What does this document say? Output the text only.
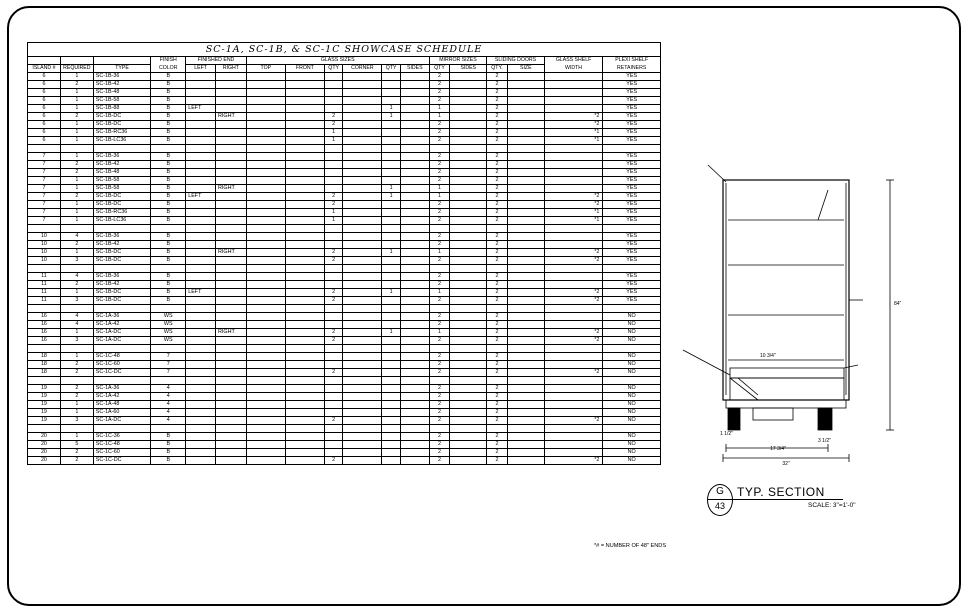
SC-1A, SC-1B, & SC-1C SHOWCASE SCHEDULE
			FINISH	FINISHED END		GLASS SIZES						MIRROR SIZES		SLIDING DOORS		GLASS SHELF	PLEXI SHELF
ISLAND #	REQUIRED	TYPE	COLOR	LEFT	RIGHT	TOP	FRONT	QTY	CORNER	QTY	SIDES	QTY	SIDES	QTY.	SIZE	WIDTH	RETAINERS
6	1	SC-1B-36	B									2		2			YES
6	2	SC-1B-42	B									2		2			YES
6	1	SC-1B-48	B									2		2			YES
6	1	SC-1B-58	B									2		2			YES
6	1	SC-1B-88	B	LEFT						1		1		2			YES
6	2	SC-1B-DC	B		RIGHT			2		1		1		2		*2	YES
6	1	SC-1B-DC	B					2				2		2		*2	YES
6	1	SC-1B-RC36	B					1				2		2		*1	YES
6	1	SC-1B-LC36	B					1				2		2		*1	YES

7	1	SC-1B-36	B									2		2			YES
7	2	SC-1B-42	B									2		2			YES
7	2	SC-1B-48	B									2		2			YES
7	1	SC-1B-58	B									2		2			YES
7	1	SC-1B-58	B		RIGHT					1		1		2			YES
7	2	SC-1B-DC	B	LEFT				2		1		1		2		*2	YES
7	1	SC-1B-DC	B					2				2		2		*2	YES
7	1	SC-1B-RC36	B					1				2		2		*1	YES
7	1	SC-1B-LC36	B					1				2		2		*1	YES

10	4	SC-1B-36	B									2		2			YES
10	2	SC-1B-42	B									2		2			YES
10	1	SC-1B-DC	B		RIGHT			2		1		1		2		*2	YES
10	3	SC-1B-DC	B					2				2		2		*2	YES

11	4	SC-1B-36	B									2		2			YES
11	2	SC-1B-42	B									2		2			YES
11	1	SC-1B-DC	B	LEFT				2		1		1		2		*2	YES
11	3	SC-1B-DC	B					2				2		2		*2	YES

16	4	SC-1A-36	WS									2		2			NO
16	4	SC-1A-42	WS									2		2			NO
16	1	SC-1A-DC	WS		RIGHT			2		1		1		2		*2	NO
16	3	SC-1A-DC	WS					2				2		2		*2	NO

18	1	SC-1C-48	7									2		2			NO
18	2	SC-1C-60	7									2		2			NO
18	2	SC-1C-DC	7					2				2		2		*2	NO

19	2	SC-1A-36	4									2		2			NO
19	2	SC-1A-42	4									2		2			NO
19	1	SC-1A-48	4									2		2			NO
19	1	SC-1A-60	4									2		2			NO
19	3	SC-1A-DC	4					2				2		2		*2	NO

20	1	SC-1C-36	B									2		2			NO
20	5	SC-1C-48	B									2		2			NO
20	2	SC-1C-60	B									2		2			NO
20	2	SC-1C-DC	B					2				2		2		*2	NO
*# = NUMBER OF 48" ENDS
17 3/4"
32"
84"
1 1/2"
3 1/2"
10 3/4"
G
43
TYP. SECTION
SCALE: 3"=1'-0"
